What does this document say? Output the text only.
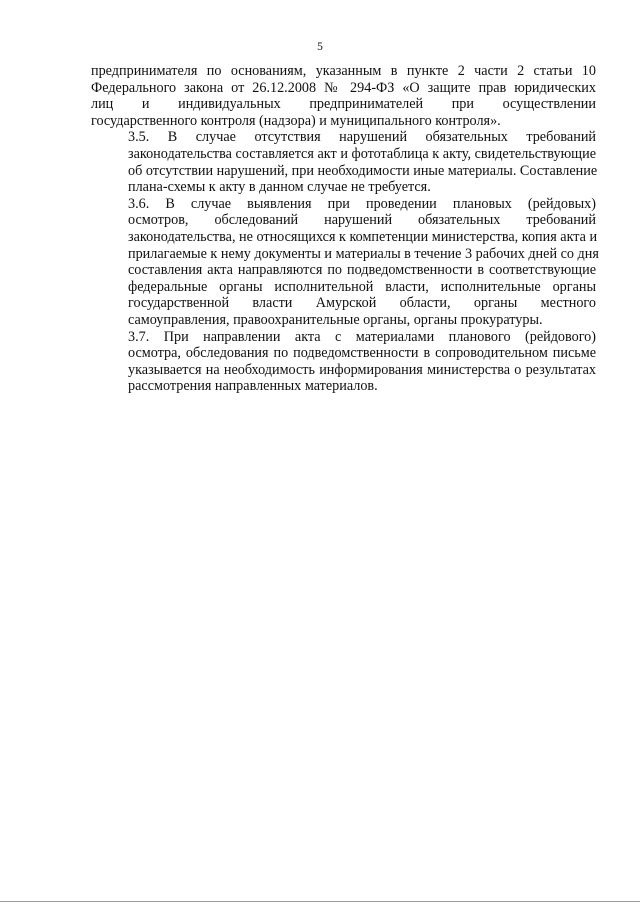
5
предпринимателя по основаниям, указанным в пункте 2 части 2 статьи 10
Федерального закона от 26.12.2008 № 294-ФЗ «О защите прав юридических
лиц и индивидуальных предпринимателей при осуществлении
государственного контроля (надзора) и муниципального контроля».
3.5. В случае отсутствия нарушений обязательных требований
законодательства составляется акт и фототаблица к акту, свидетельствующие
об отсутствии нарушений, при необходимости иные материалы. Составление
плана-схемы к акту в данном случае не требуется.
3.6. В случае выявления при проведении плановых (рейдовых)
осмотров, обследований нарушений обязательных требований
законодательства, не относящихся к компетенции министерства, копия акта и
прилагаемые к нему документы и материалы в течение 3 рабочих дней со дня
составления акта направляются по подведомственности в соответствующие
федеральные органы исполнительной власти, исполнительные органы
государственной власти Амурской области, органы местного
самоуправления, правоохранительные органы, органы прокуратуры.
3.7. При направлении акта с материалами планового (рейдового)
осмотра, обследования по подведомственности в сопроводительном письме
указывается на необходимость информирования министерства о результатах
рассмотрения направленных материалов.
